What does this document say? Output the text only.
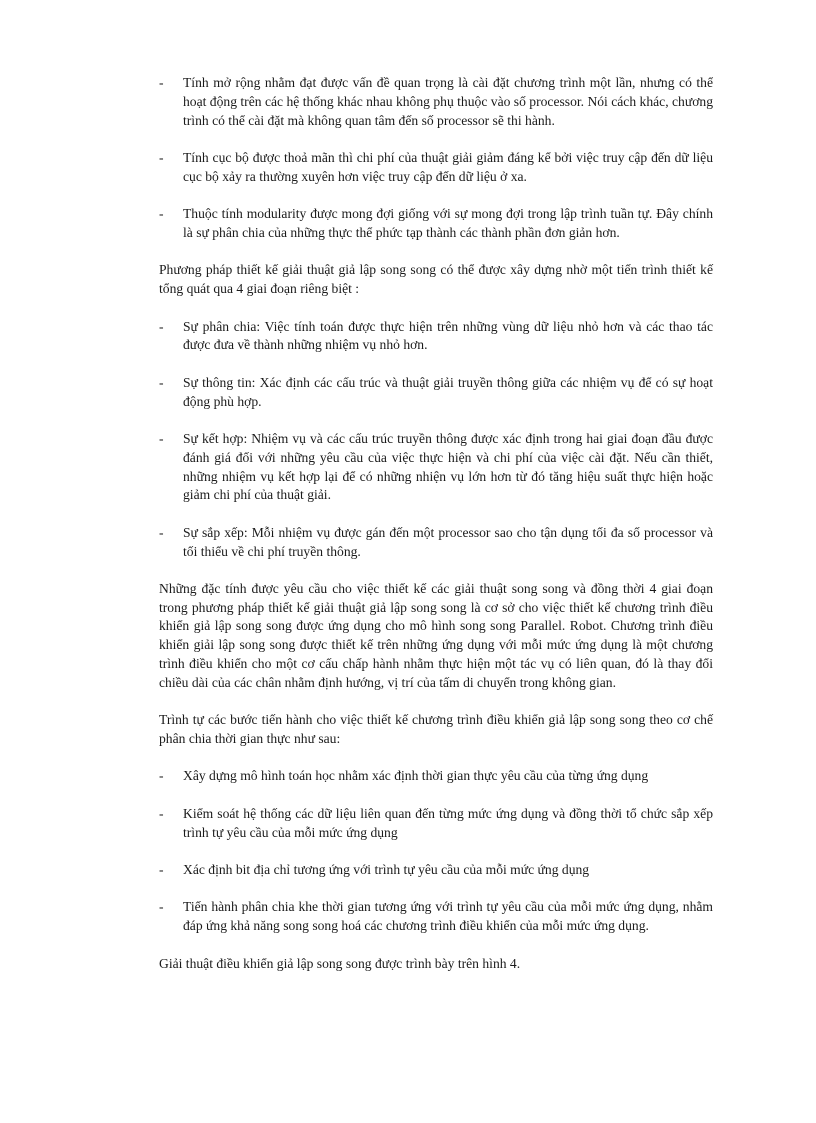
-	Tính mở rộng nhằm đạt được vấn đề quan trọng là cài đặt chương trình một lần, nhưng có thể hoạt động trên các hệ thống khác nhau không phụ thuộc vào số processor. Nói cách khác, chương trình có thể cài đặt mà không quan tâm đến số processor sẽ thi hành.
-	Tính cục bộ được thoả mãn thì chi phí của thuật giải giảm đáng kể bởi việc truy cập đến dữ liệu cục bộ xảy ra thường xuyên hơn việc truy cập đến dữ liệu ở xa.
-	Thuộc tính modularity được mong đợi giống với sự mong đợi trong lập trình tuần tự. Đây chính là sự phân chia của những thực thể phức tạp thành các thành phần đơn giản hơn.

Phương pháp thiết kế giải thuật giả lập song song có thể được xây dựng nhờ một tiến trình thiết kế tổng quát qua 4 giai đoạn riêng biệt :

-	Sự phân chia: Việc tính toán được thực hiện trên những vùng dữ liệu nhỏ hơn và các thao tác được đưa về thành những nhiệm vụ nhỏ hơn.
-	Sự thông tin: Xác định các cấu trúc và thuật giải truyền thông giữa các nhiệm vụ để có sự hoạt động phù hợp.
-	Sự kết hợp: Nhiệm vụ và các cấu trúc truyền thông được xác định trong hai giai đoạn đầu được đánh giá đối với những yêu cầu của việc thực hiện và chi phí của việc cài đặt. Nếu cần thiết, những nhiệm vụ kết hợp lại để có những nhiện vụ lớn hơn từ đó tăng hiệu suất thực hiện hoặc giảm chi phí của thuật giải.
-	Sự sắp xếp: Mỗi nhiệm vụ được gán đến một processor sao cho tận dụng tối đa số processor và tối thiểu về chi phí truyền thông.

Những đặc tính được yêu cầu cho việc thiết kế các giải thuật song song và đồng thời 4 giai đoạn trong phương pháp thiết kế giải thuật giả lập song song là cơ sở cho việc thiết kế chương trình điều khiển giả lập song song được ứng dụng cho mô hình song song Parallel. Robot. Chương trình điều khiển giải lập song song được thiết kế trên những ứng dụng với mỗi mức ứng dụng là một chương trình điều khiển cho một cơ cấu chấp hành nhằm thực hiện một tác vụ có liên quan, đó là thay đổi chiều dài của các chân nhằm định hướng, vị trí của tấm di chuyển trong không gian.

Trình tự các bước tiến hành cho việc thiết kế chương trình điều khiển giả lập song song theo cơ chế phân chia thời gian thực như sau:

-	Xây dựng mô hình toán học nhằm xác định thời gian thực yêu cầu của từng ứng dụng
-	Kiểm soát hệ thống các dữ liệu liên quan đến từng mức ứng dụng và đồng thời tổ chức sắp xếp trình tự yêu cầu của mỗi mức ứng dụng
-	Xác định bit địa chỉ tương ứng với trình tự yêu cầu của mỗi mức ứng dụng
-	Tiến hành phân chia khe thời gian tương ứng với trình tự yêu cầu của mỗi mức ứng dụng, nhằm đáp ứng khả năng song song hoá các chương trình điều khiển của mỗi mức ứng dụng.

Giải thuật điều khiển giả lập song song được trình bày trên hình 4.
